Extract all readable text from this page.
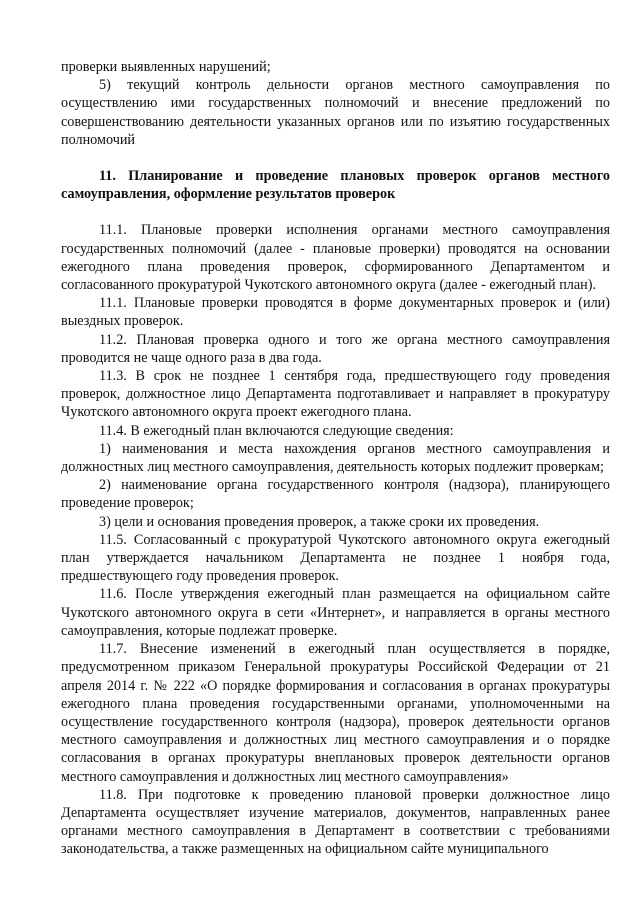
проверки выявленных нарушений;

5) текущий контроль дельности органов местного самоуправления по осуществлению ими государственных полномочий и внесение предложений по совершенствованию деятельности указанных органов или по изъятию государственных полномочий

11. Планирование и проведение плановых проверок органов местного самоуправления, оформление результатов проверок

11.1. Плановые проверки исполнения органами местного самоуправления государственных полномочий (далее - плановые проверки) проводятся на основании ежегодного плана проведения проверок, сформированного Департаментом и согласованного прокуратурой Чукотского автономного округа (далее - ежегодный план).

11.1. Плановые проверки проводятся в форме документарных проверок и (или) выездных проверок.

11.2. Плановая проверка одного и того же органа местного самоуправления проводится не чаще одного раза в два года.

11.3. В срок не позднее 1 сентября года, предшествующего году проведения проверок, должностное лицо Департамента подготавливает и направляет в прокуратуру Чукотского автономного округа проект ежегодного плана.

11.4. В ежегодный план включаются следующие сведения:

1) наименования и места нахождения органов местного самоуправления и должностных лиц местного самоуправления, деятельность которых подлежит проверкам;

2) наименование органа государственного контроля (надзора), планирующего проведение проверок;

3) цели и основания проведения проверок, а также сроки их проведения.

11.5. Согласованный с прокуратурой Чукотского автономного округа ежегодный план утверждается начальником Департамента не позднее 1 ноября года, предшествующего году проведения проверок.

11.6. После утверждения ежегодный план размещается на официальном сайте Чукотского автономного округа в сети «Интернет», и направляется в органы местного самоуправления, которые подлежат проверке.

11.7. Внесение изменений в ежегодный план осуществляется в порядке, предусмотренном приказом Генеральной прокуратуры Российской Федерации от 21 апреля 2014 г. № 222 «О порядке формирования и согласования в органах прокуратуры ежегодного плана проведения государственными органами, уполномоченными на осуществление государственного контроля (надзора), проверок деятельности органов местного самоуправления и должностных лиц местного самоуправления и о порядке согласования в органах прокуратуры внеплановых проверок деятельности органов местного самоуправления и должностных лиц местного самоуправления»

11.8. При подготовке к проведению плановой проверки должностное лицо Департамента осуществляет изучение материалов, документов, направленных ранее органами местного самоуправления в Департамент в соответствии с требованиями законодательства, а также размещенных на официальном сайте муниципального
